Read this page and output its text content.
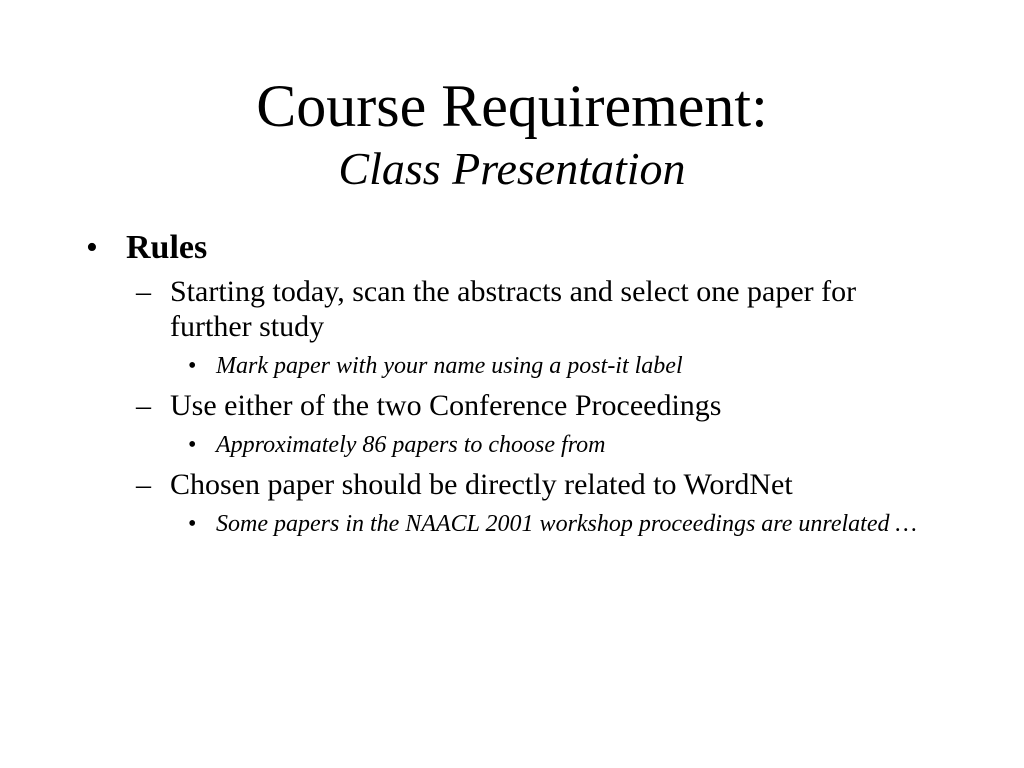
Course Requirement:
Class Presentation
• Rules
– Starting today, scan the abstracts and select one paper for further study
• Mark paper with your name using a post-it label
– Use either of the two Conference Proceedings
• Approximately 86 papers to choose from
– Chosen paper should be directly related to WordNet
• Some papers in the NAACL 2001 workshop proceedings are unrelated …
